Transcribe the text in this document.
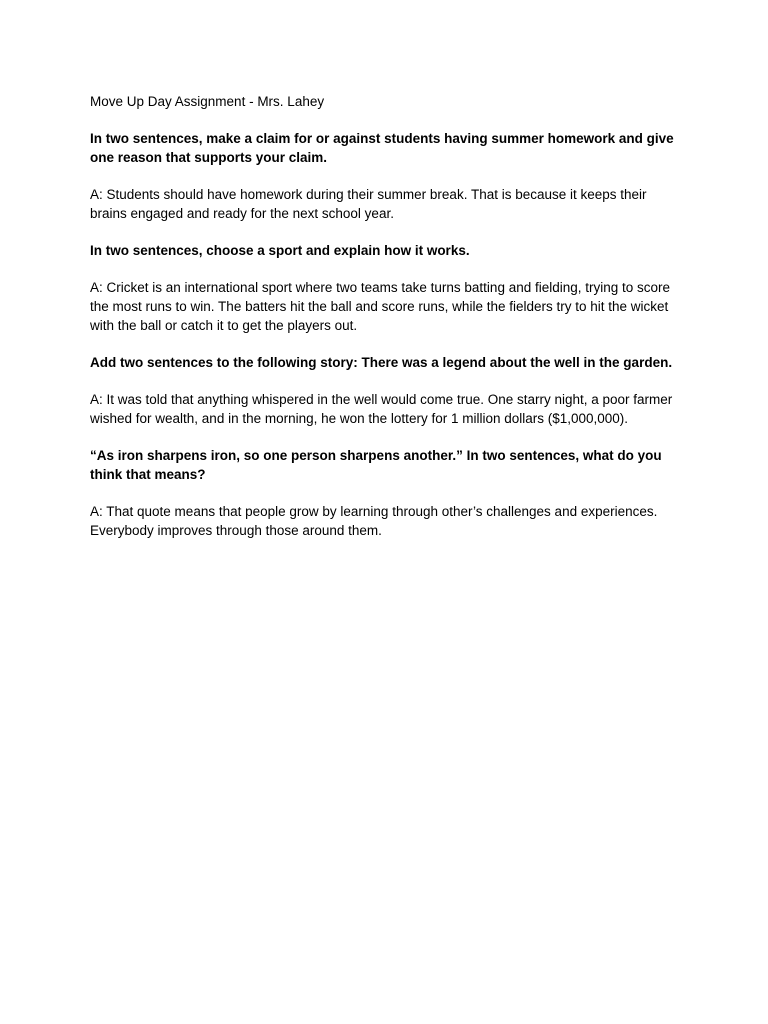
Move Up Day Assignment - Mrs. Lahey

In two sentences, make a claim for or against students having summer homework and give one reason that supports your claim.

A: Students should have homework during their summer break. That is because it keeps their brains engaged and ready for the next school year.

In two sentences, choose a sport and explain how it works.

A: Cricket is an international sport where two teams take turns batting and fielding, trying to score the most runs to win. The batters hit the ball and score runs, while the fielders try to hit the wicket with the ball or catch it to get the players out.

Add two sentences to the following story: There was a legend about the well in the garden.

A: It was told that anything whispered in the well would come true. One starry night, a poor farmer wished for wealth, and in the morning, he won the lottery for 1 million dollars ($1,000,000).

“As iron sharpens iron, so one person sharpens another.” In two sentences, what do you think that means?

A: That quote means that people grow by learning through other’s challenges and experiences. Everybody improves through those around them.
